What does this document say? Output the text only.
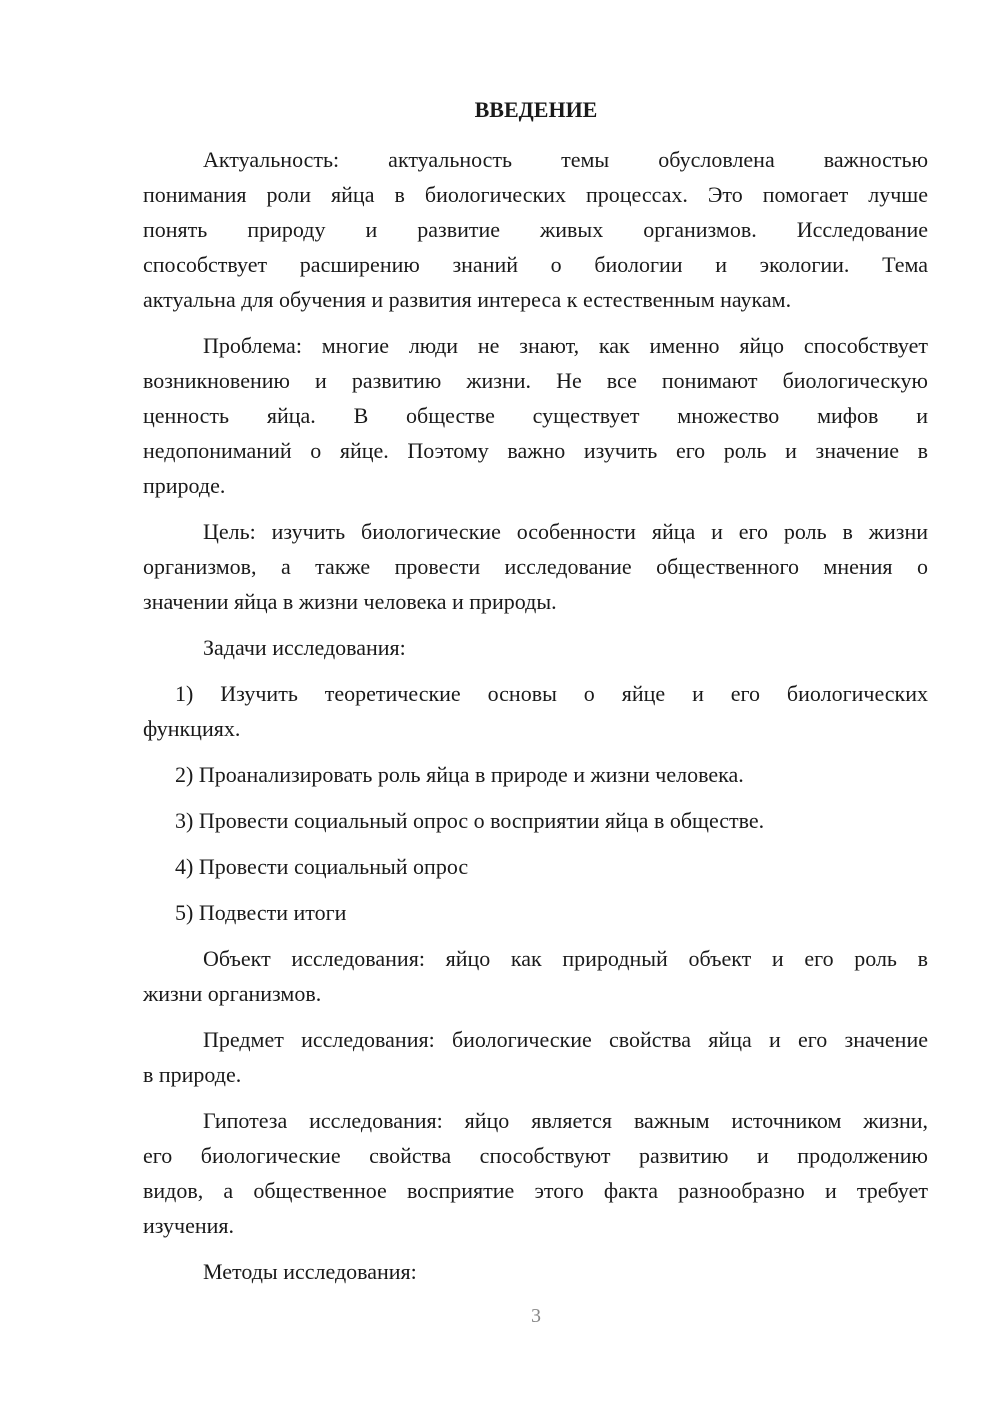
ВВЕДЕНИЕ
Актуальность: актуальность темы обусловлена важностью
понимания роли яйца в биологических процессах. Это помогает лучше
понять природу и развитие живых организмов. Исследование
способствует расширению знаний о биологии и экологии. Тема
актуальна для обучения и развития интереса к естественным наукам.
Проблема: многие люди не знают, как именно яйцо способствует
возникновению и развитию жизни. Не все понимают биологическую
ценность яйца. В обществе существует множество мифов и
недопониманий о яйце. Поэтому важно изучить его роль и значение в
природе.
Цель: изучить биологические особенности яйца и его роль в жизни
организмов, а также провести исследование общественного мнения о
значении яйца в жизни человека и природы.
Задачи исследования:
1) Изучить теоретические основы о яйце и его биологических
функциях.
2) Проанализировать роль яйца в природе и жизни человека.
3) Провести социальный опрос о восприятии яйца в обществе.
4) Провести социальный опрос
5) Подвести итоги
Объект исследования: яйцо как природный объект и его роль в
жизни организмов.
Предмет исследования: биологические свойства яйца и его значение
в природе.
Гипотеза исследования: яйцо является важным источником жизни,
его биологические свойства способствуют развитию и продолжению
видов, а общественное восприятие этого факта разнообразно и требует
изучения.
Методы исследования:
3
